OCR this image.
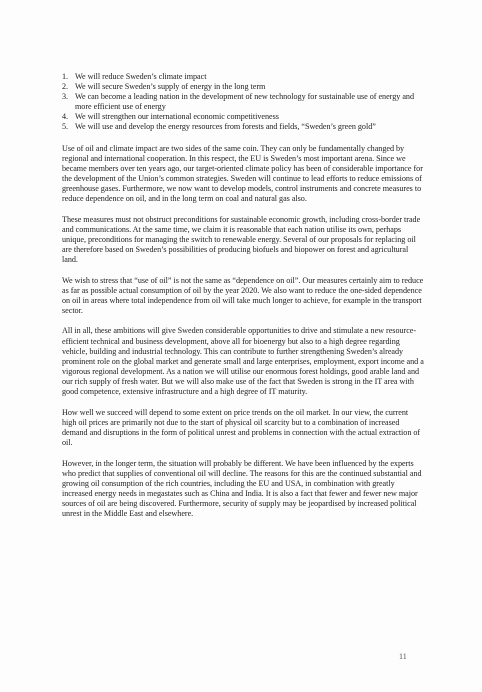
1. We will reduce Sweden’s climate impact
2. We will secure Sweden’s supply of energy in the long term
3. We can become a leading nation in the development of new technology for sustainable use of energy and more efficient use of energy
4. We will strengthen our international economic competitiveness
5. We will use and develop the energy resources from forests and fields, “Sweden’s green gold”

Use of oil and climate impact are two sides of the same coin. They can only be fundamentally changed by regional and international cooperation. In this respect, the EU is Sweden’s most important arena. Since we became members over ten years ago, our target-oriented climate policy has been of considerable importance for the development of the Union’s common strategies. Sweden will continue to lead efforts to reduce emissions of greenhouse gases. Furthermore, we now want to develop models, control instruments and concrete measures to reduce dependence on oil, and in the long term on coal and natural gas also.

These measures must not obstruct preconditions for sustainable economic growth, including cross-border trade and communications. At the same time, we claim it is reasonable that each nation utilise its own, perhaps unique, preconditions for managing the switch to renewable energy. Several of our proposals for replacing oil are therefore based on Sweden’s possibilities of producing biofuels and biopower on forest and agricultural land.

We wish to stress that “use of oil” is not the same as “dependence on oil”. Our measures certainly aim to reduce as far as possible actual consumption of oil by the year 2020. We also want to reduce the one-sided dependence on oil in areas where total independence from oil will take much longer to achieve, for example in the transport sector.

All in all, these ambitions will give Sweden considerable opportunities to drive and stimulate a new resource-efficient technical and business development, above all for bioenergy but also to a high degree regarding vehicle, building and industrial technology. This can contribute to further strengthening Sweden’s already prominent role on the global market and generate small and large enterprises, employment, export income and a vigorous regional development. As a nation we will utilise our enormous forest holdings, good arable land and our rich supply of fresh water. But we will also make use of the fact that Sweden is strong in the IT area with good competence, extensive infrastructure and a high degree of IT maturity.

How well we succeed will depend to some extent on price trends on the oil market. In our view, the current high oil prices are primarily not due to the start of physical oil scarcity but to a combination of increased demand and disruptions in the form of political unrest and problems in connection with the actual extraction of oil.

However, in the longer term, the situation will probably be different. We have been influenced by the experts who predict that supplies of conventional oil will decline. The reasons for this are the continued substantial and growing oil consumption of the rich countries, including the EU and USA, in combination with greatly increased energy needs in megastates such as China and India. It is also a fact that fewer and fewer new major sources of oil are being discovered. Furthermore, security of supply may be jeopardised by increased political unrest in the Middle East and elsewhere.

11
